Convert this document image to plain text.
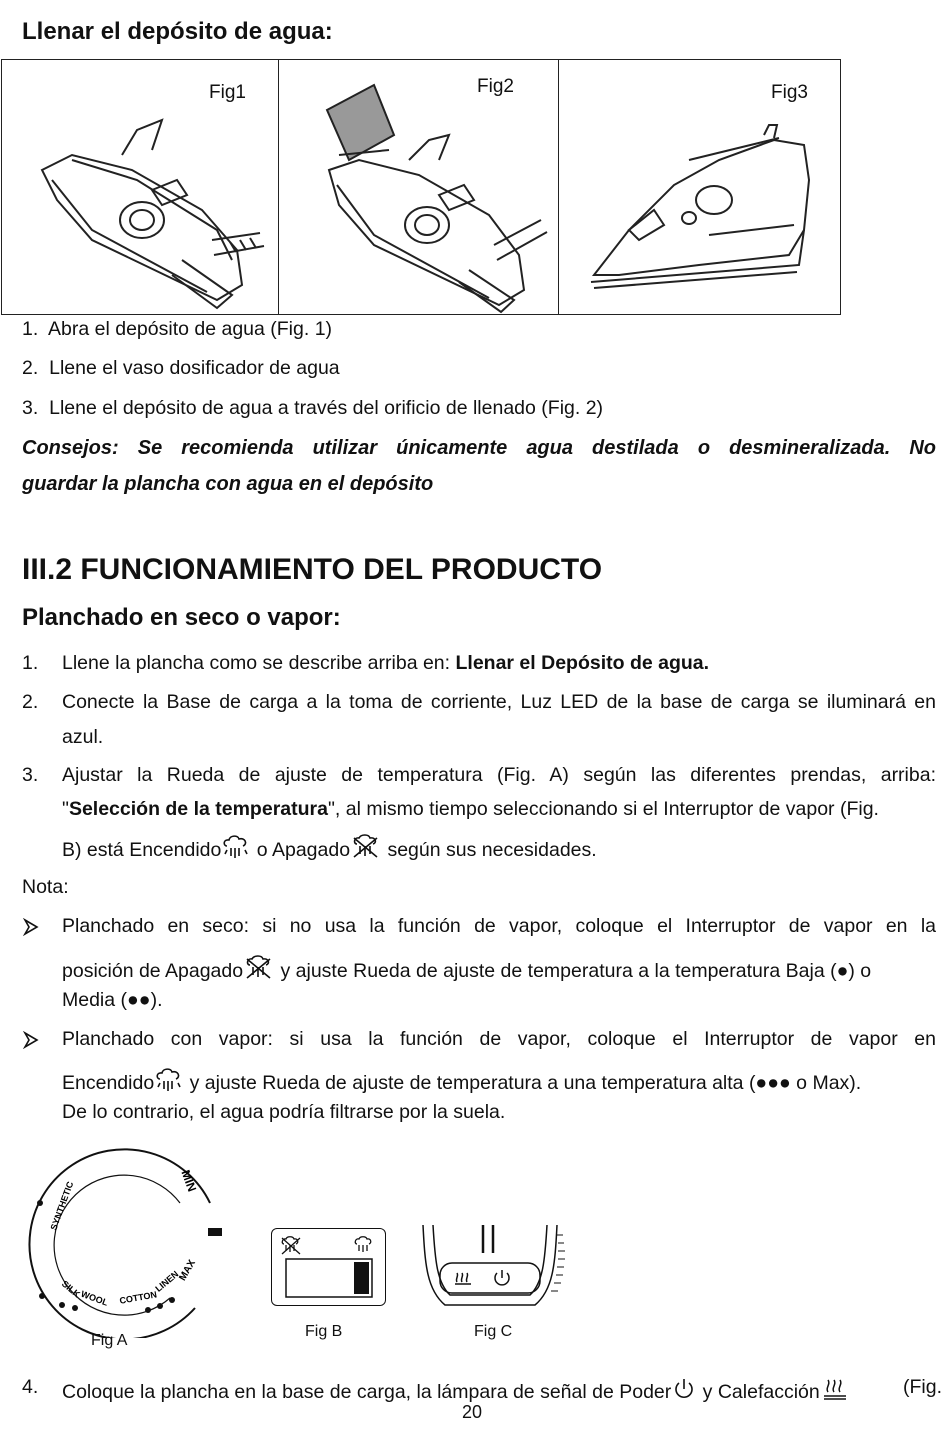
Llenar el depósito de agua:
Fig1	Fig2	Fig3
1. Abra el depósito de agua (Fig. 1)
2. Llene el vaso dosificador de agua
3. Llene el depósito de agua a través del orificio de llenado (Fig. 2)
Consejos: Se recomienda utilizar únicamente agua destilada o desmineralizada. No
guardar la plancha con agua en el depósito
III.2 FUNCIONAMIENTO DEL PRODUCTO
Planchado en seco o vapor:
1. Llene la plancha como se describe arriba en: Llenar el Depósito de agua.
2. Conecte la Base de carga a la toma de corriente, Luz LED de la base de carga se iluminará en
azul.
3. Ajustar la Rueda de ajuste de temperatura (Fig. A) según las diferentes prendas, arriba:
"Selección de la temperatura", al mismo tiempo seleccionando si el Interruptor de vapor (Fig.
B) está Encendido o Apagado según sus necesidades.
Nota:
Planchado en seco: si no usa la función de vapor, coloque el Interruptor de vapor en la
posición de Apagado y ajuste Rueda de ajuste de temperatura a la temperatura Baja (●) o
Media (●●).
Planchado con vapor: si usa la función de vapor, coloque el Interruptor de vapor en
Encendido y ajuste Rueda de ajuste de temperatura a una temperatura alta (●●● o Max).
De lo contrario, el agua podría filtrarse por la suela.
SYNTHETIC
SILK
WOOL COTTON
LINEN
MAX
MIN
Fig A
Fig B	Fig C
4. Coloque la plancha en la base de carga, la lámpara de señal de Poder y Calefacción	(Fig.
20
